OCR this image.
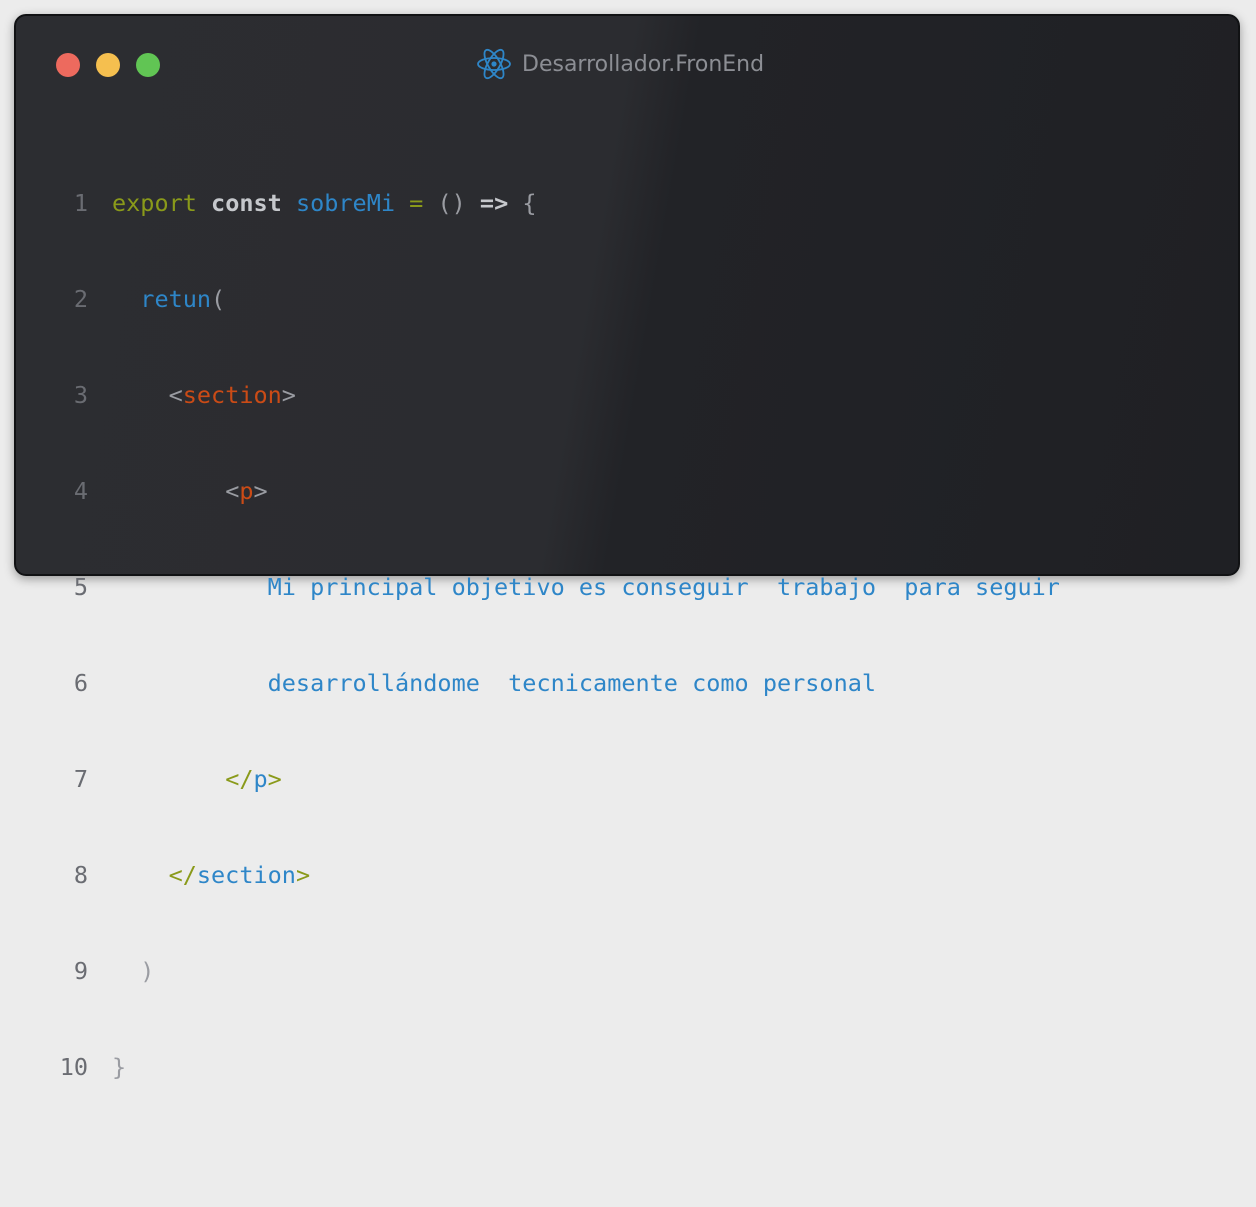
Desarrollador.FronEnd

1

export const sobreMi = () => {

2

	retun(

3

	<section>

4

	<p>

5

	Mi principal objetivo es conseguir  trabajo  para seguir

6

	desarrollándome  tecnicamente como personal

7

	</p>

8

	</section>

9

	)

10

}
